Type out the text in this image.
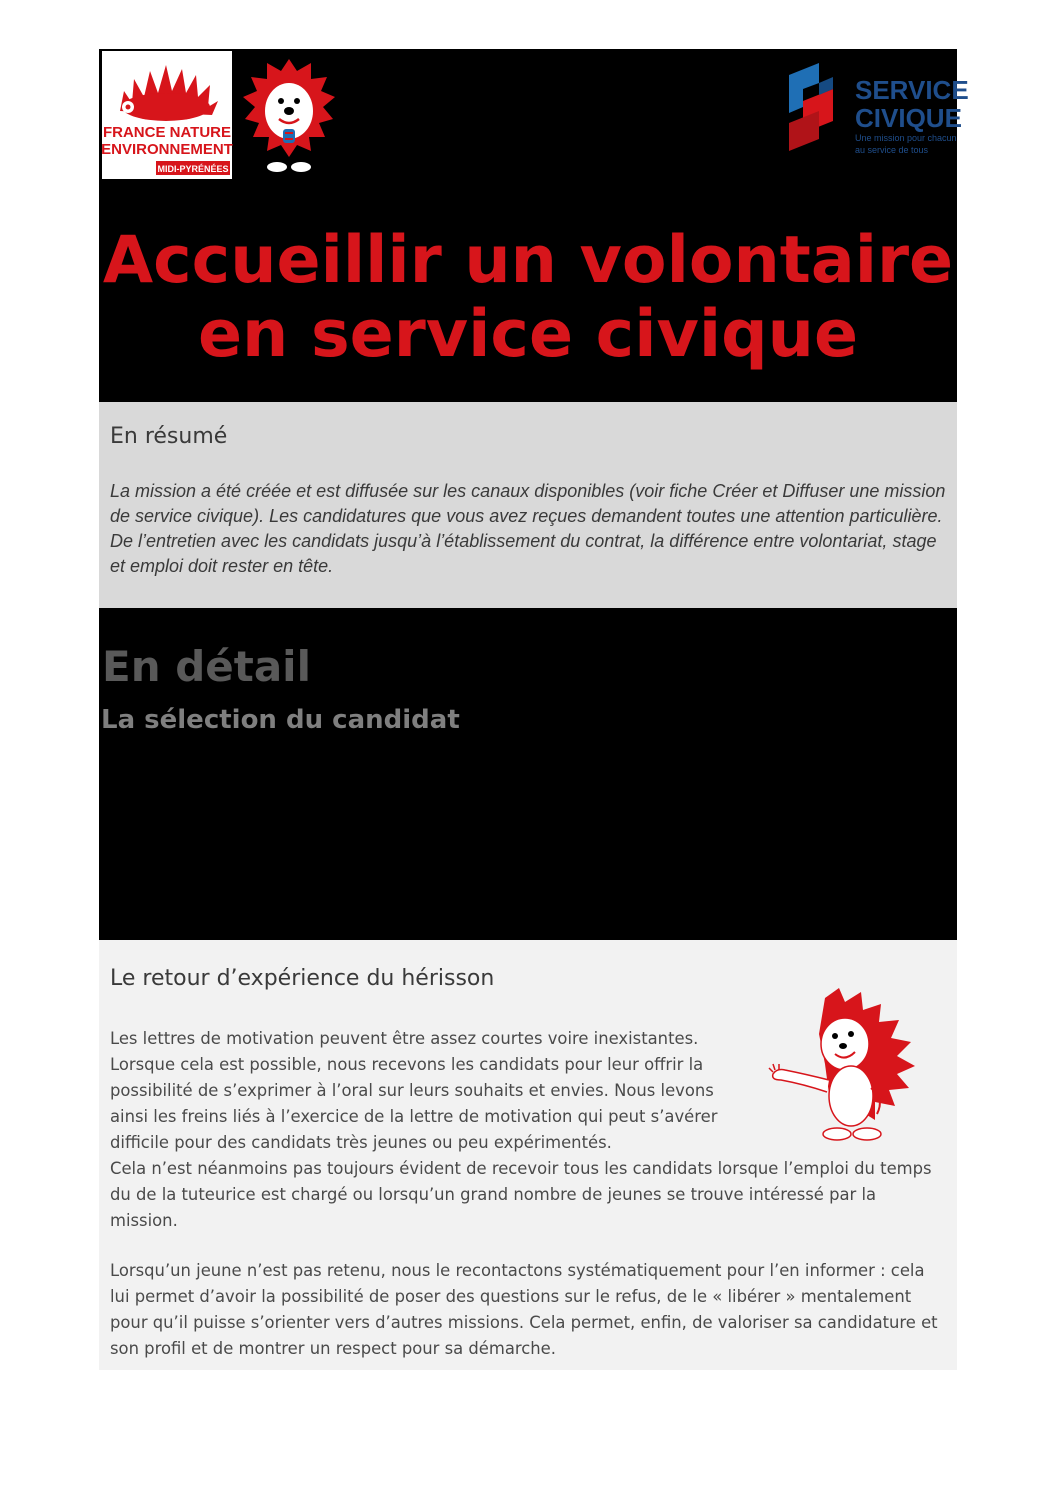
FRANCE NATURE
ENVIRONNEMENT
MIDI-PYRÉNÉES
SERVICE
CIVIQUE
Une mission pour chacun
au service de tous
Accueillir un volontaire
en service civique
En résumé

La mission a été créée et est diffusée sur les canaux disponibles (voir fiche Créer et Diffuser une mission de service civique). Les candidatures que vous avez reçues demandent toutes une attention particulière. De l’entretien avec les candidats jusqu’à l’établissement du contrat, la différence entre volontariat, stage et emploi doit rester en tête.

En détail
La sélection du candidat
Le retour d’expérience du hérisson

Les lettres de motivation peuvent être assez courtes voire inexistantes. Lorsque cela est possible, nous recevons les candidats pour leur offrir la possibilité de s’exprimer à l’oral sur leurs souhaits et envies. Nous levons ainsi les freins liés à l’exercice de la lettre de motivation qui peut s’avérer difficile pour des candidats très jeunes ou peu expérimentés.
Cela n’est néanmoins pas toujours évident de recevoir tous les candidats lorsque l’emploi du temps du de la tuteurice est chargé ou lorsqu’un grand nombre de jeunes se trouve intéressé par la mission.

Lorsqu’un jeune n’est pas retenu, nous le recontactons systématiquement pour l’en informer : cela lui permet d’avoir la possibilité de poser des questions sur le refus, de le « libérer » mentalement pour qu’il puisse s’orienter vers d’autres missions. Cela permet, enfin, de valoriser sa candidature et son profil et de montrer un respect pour sa démarche.
